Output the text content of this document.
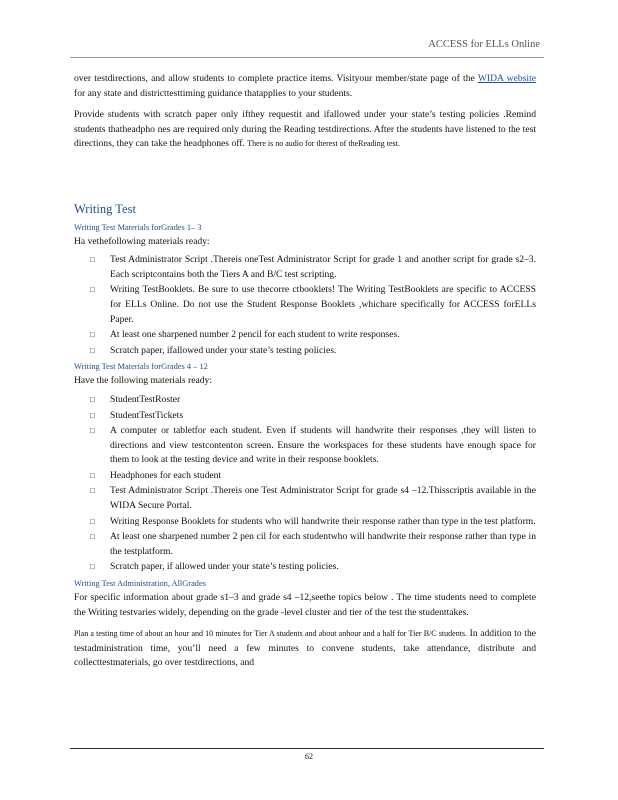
ACCESS for ELLs Online

over testdirections, and allow students to complete practice items. Visityour member/state page of the WIDA website for any state and districttesttiming guidance thatapplies to your students.

Provide students with scratch paper only ifthey requestit and ifallowed under your state’s testing policies .Remind students thatheadpho nes are required only during the Reading testdirections. After the students have listened to the test directions, they can take the headphones off. There is no audio for therest of theReading test.

Writing Test

Writing Test Materials forGrades 1– 3

Ha vethefollowing materials ready:

□ Test Administrator Script .Thereis oneTest Administrator Script for grade 1 and another script for grade s2–3. Each scriptcontains both the Tiers A and B/C test scripting.
□ Writing TestBooklets. Be sure to use thecorre ctbooklets! The Writing TestBooklets are specific to ACCESS for ELLs Online. Do not use the Student Response Booklets ,whichare specifically for ACCESS forELLs Paper.
□ At least one sharpened number 2 pencil for each student to write responses.
□ Scratch paper, ifallowed under your state’s testing policies.

Writing Test Materials forGrades 4 – 12

Have the following materials ready:

□ StudentTestRoster
□ StudentTestTickets
□ A computer or tabletfor each student. Even if students will handwrite their responses ,they will listen to directions and view testcontenton screen. Ensure the workspaces for these students have enough space for them to look at the testing device and write in their response booklets.
□ Headphones for each student
□ Test Administrator Script .Thereis one Test Administrator Script for grade s4 –12.Thisscriptis available in the WIDA Secure Portal.
□ Writing Response Booklets for students who will handwrite their response rather than type in the test platform.
□ At least one sharpened number 2 pen cil for each studentwho will handwrite their response rather than type in the testplatform.
□ Scratch paper, if allowed under your state’s testing policies.

Writing Test Administration, AllGrades

For specific information about grade s1–3 and grade s4 –12,seethe topics below . The time students need to complete the Writing testvaries widely, depending on the grade -level cluster and tier of the test the studenttakes.

Plan a testing time of about an hour and 10 minutes for Tier A students and about anhour and a half for Tier B/C students. In addition to the testadministration time, you’ll need a few minutes to convene students, take attendance, distribute and collecttestmaterials, go over testdirections, and

62
